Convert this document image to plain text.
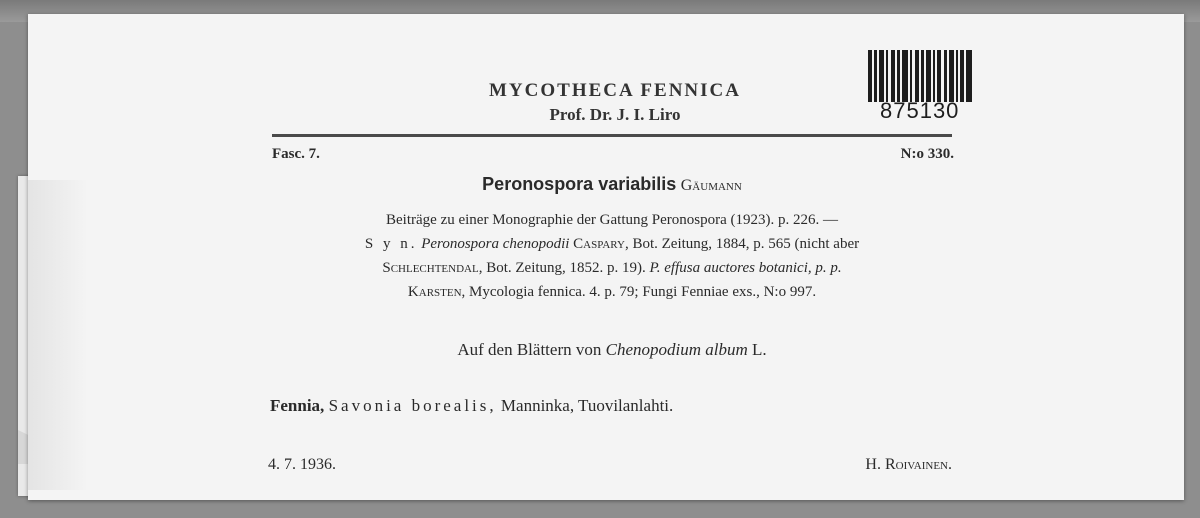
875130
MYCOTHECA FENNICA
Prof. Dr. J. I. Liro
Fasc. 7.	N:o 330.
Peronospora variabilis Gäumann
Beiträge zu einer Monographie der Gattung Peronospora (1923). p. 226. —
S y n. Peronospora chenopodii Caspary, Bot. Zeitung, 1884, p. 565 (nicht aber
Schlechtendal, Bot. Zeitung, 1852. p. 19). P. effusa auctores botanici, p. p.
Karsten, Mycologia fennica. 4. p. 79; Fungi Fenniae exs., N:o 997.
Auf den Blättern von Chenopodium album L.
Fennia, Savonia borealis, Manninka, Tuovilanlahti.
4. 7. 1936.	H. Roivainen.
